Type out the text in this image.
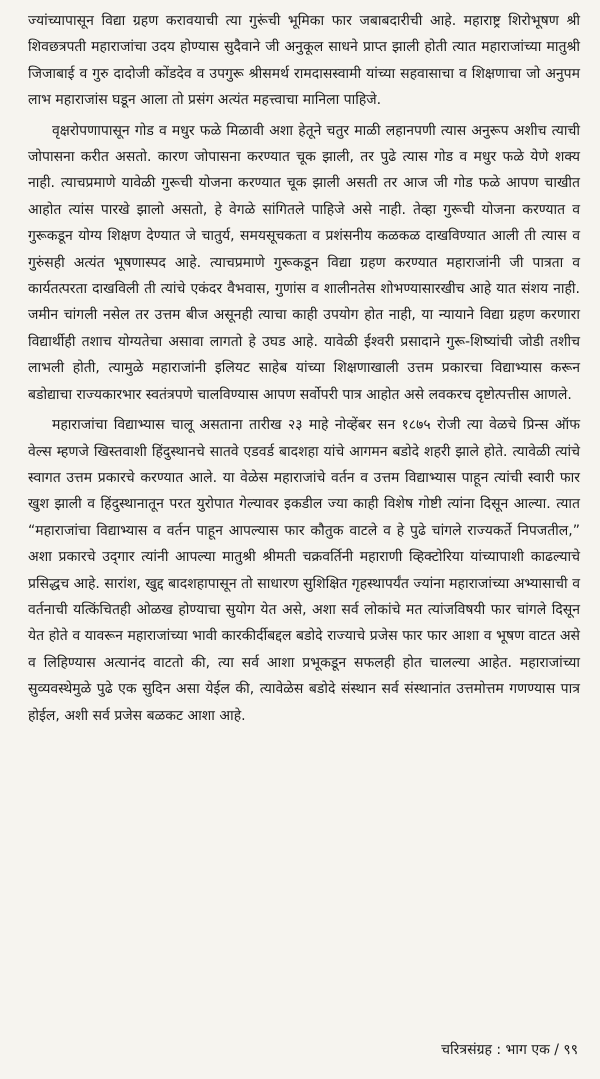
ज्यांच्यापासून विद्या ग्रहण करावयाची त्या गुरूंची भूमिका फार जबाबदारीची आहे. महाराष्ट्र शिरोभूषण श्री शिवछत्रपती महाराजांचा उदय होण्यास सुदैवाने जी अनुकूल साधने प्राप्त झाली होती त्यात महाराजांच्या मातुश्री जिजाबाई व गुरु दादोजी कोंडदेव व उपगुरू श्रीसमर्थ रामदासस्वामी यांच्या सहवासाचा व शिक्षणाचा जो अनुपम लाभ महाराजांस घडून आला तो प्रसंग अत्यंत महत्त्वाचा मानिला पाहिजे.

वृक्षरोपणापासून गोड व मधुर फळे मिळावी अशा हेतूने चतुर माळी लहानपणी त्यास अनुरूप अशीच त्याची जोपासना करीत असतो. कारण जोपासना करण्यात चूक झाली, तर पुढे त्यास गोड व मधुर फळे येणे शक्य नाही. त्याचप्रमाणे यावेळी गुरूची योजना करण्यात चूक झाली असती तर आज जी गोड फळे आपण चाखीत आहोत त्यांस पारखे झालो असतो, हे वेगळे सांगितले पाहिजे असे नाही. तेव्हा गुरूची योजना करण्यात व गुरूकडून योग्य शिक्षण देण्यात जे चातुर्य, समयसूचकता व प्रशंसनीय कळकळ दाखविण्यात आली ती त्यास व गुरुंसही अत्यंत भूषणास्पद आहे. त्याचप्रमाणे गुरूकडून विद्या ग्रहण करण्यात महाराजांनी जी पात्रता व कार्यतत्परता दाखविली ती त्यांचे एकंदर वैभवास, गुणांस व शालीनतेस शोभण्यासारखीच आहे यात संशय नाही. जमीन चांगली नसेल तर उत्तम बीज असूनही त्याचा काही उपयोग होत नाही, या न्यायाने विद्या ग्रहण करणारा विद्यार्थीही तशाच योग्यतेचा असावा लागतो हे उघड आहे. यावेळी ईश्वरी प्रसादाने गुरू-शिष्यांची जोडी तशीच लाभली होती, त्यामुळे महाराजांनी इलियट साहेब यांच्या शिक्षणाखाली उत्तम प्रकारचा विद्याभ्यास करून बडोद्याचा राज्यकारभार स्वतंत्रपणे चालविण्यास आपण सर्वोपरी पात्र आहोत असे लवकरच दृष्टोत्पत्तीस आणले.

महाराजांचा विद्याभ्यास चालू असताना तारीख २३ माहे नोव्हेंबर सन १८७५ रोजी त्या वेळचे प्रिन्स ऑफ वेल्स म्हणजे खिस्तवाशी हिंदुस्थानचे सातवे एडवर्ड बादशहा यांचे आगमन बडोदे शहरी झाले होते. त्यावेळी त्यांचे स्वागत उत्तम प्रकारचे करण्यात आले. या वेळेस महाराजांचे वर्तन व उत्तम विद्याभ्यास पाहून त्यांची स्वारी फार खुश झाली व हिंदुस्थानातून परत युरोपात गेल्यावर इकडील ज्या काही विशेष गोष्टी त्यांना दिसून आल्या. त्यात “महाराजांचा विद्याभ्यास व वर्तन पाहून आपल्यास फार कौतुक वाटले व हे पुढे चांगले राज्यकर्ते निपजतील,” अशा प्रकारचे उद्‌गार त्यांनी आपल्या मातुश्री श्रीमती चक्रवर्तिनी महाराणी व्हिक्टोरिया यांच्यापाशी काढल्याचे प्रसिद्धच आहे. सारांश, खुद्द बादशहापासून तो साधारण सुशिक्षित गृहस्थापर्यंत ज्यांना महाराजांच्या अभ्यासाची व वर्तनाची यत्किंचितही ओळख होण्याचा सुयोग येत असे, अशा सर्व लोकांचे मत त्यांजविषयी फार चांगले दिसून येत होते व यावरून महाराजांच्या भावी कारकीर्दीबद्दल बडोदे राज्याचे प्रजेस फार फार आशा व भूषण वाटत असे व लिहिण्यास अत्यानंद वाटतो की, त्या सर्व आशा प्रभूकडून सफलही होत चालल्या आहेत. महाराजांच्या सुव्यवस्थेमुळे पुढे एक सुदिन असा येईल की, त्यावेळेस बडोदे संस्थान सर्व संस्थानांत उत्तमोत्तम गणण्यास पात्र होईल, अशी सर्व प्रजेस बळकट आशा आहे.

चरित्रसंग्रह : भाग एक / ९९
